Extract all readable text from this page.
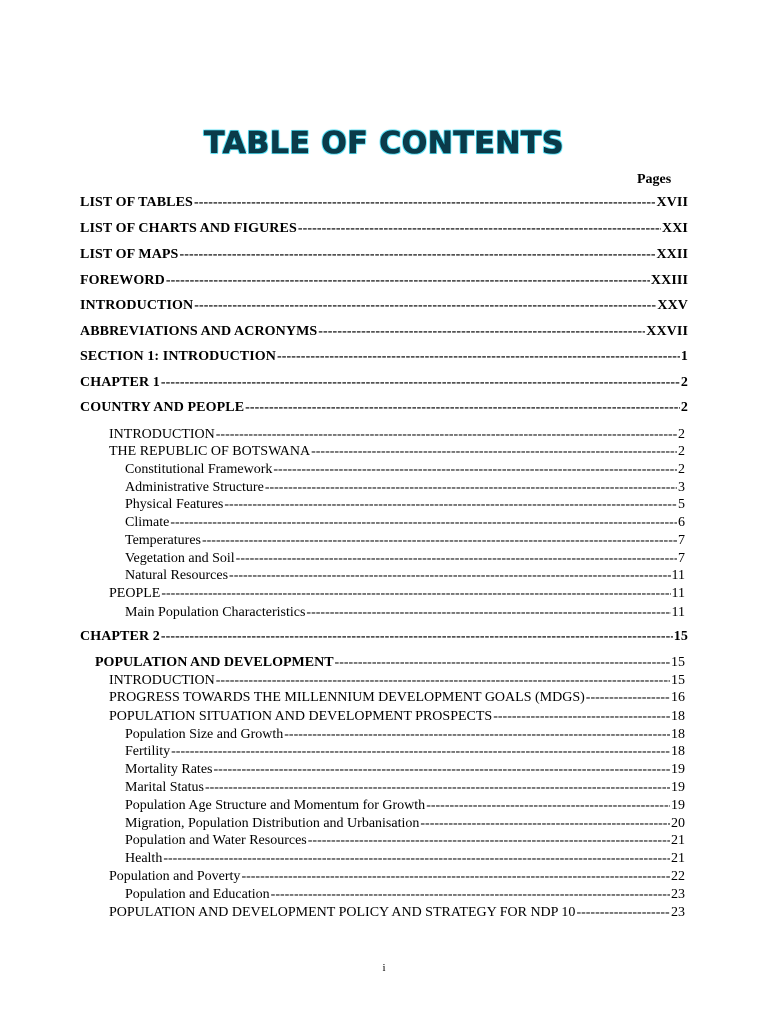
TABLE OF CONTENTS
Pages
LIST OF TABLES -----	XVII
LIST OF CHARTS AND FIGURES -----	XXI
LIST OF MAPS -----	XXII
FOREWORD -----	XXIII
INTRODUCTION -----	XXV
ABBREVIATIONS AND ACRONYMS -----	XXVII
SECTION 1: INTRODUCTION -----	1
CHAPTER 1 -----	2
COUNTRY AND PEOPLE -----	2
INTRODUCTION -----	2
THE REPUBLIC OF BOTSWANA -----	2
Constitutional Framework -----	2
Administrative Structure -----	3
Physical Features -----	5
Climate -----	6
Temperatures -----	7
Vegetation and Soil -----	7
Natural Resources -----	11
PEOPLE -----	11
Main Population Characteristics -----	11
CHAPTER 2 -----	15
POPULATION AND DEVELOPMENT -----	15
INTRODUCTION -----	15
PROGRESS TOWARDS THE MILLENNIUM DEVELOPMENT GOALS (MDGS) -----	16
POPULATION SITUATION AND DEVELOPMENT PROSPECTS -----	18
Population Size and Growth -----	18
Fertility -----	18
Mortality Rates -----	19
Marital Status -----	19
Population Age Structure and Momentum for Growth -----	19
Migration, Population Distribution and Urbanisation -----	20
Population and Water Resources -----	21
Health -----	21
Population and Poverty -----	22
Population and Education -----	23
POPULATION AND DEVELOPMENT POLICY AND STRATEGY FOR NDP 10 -----	23
i
